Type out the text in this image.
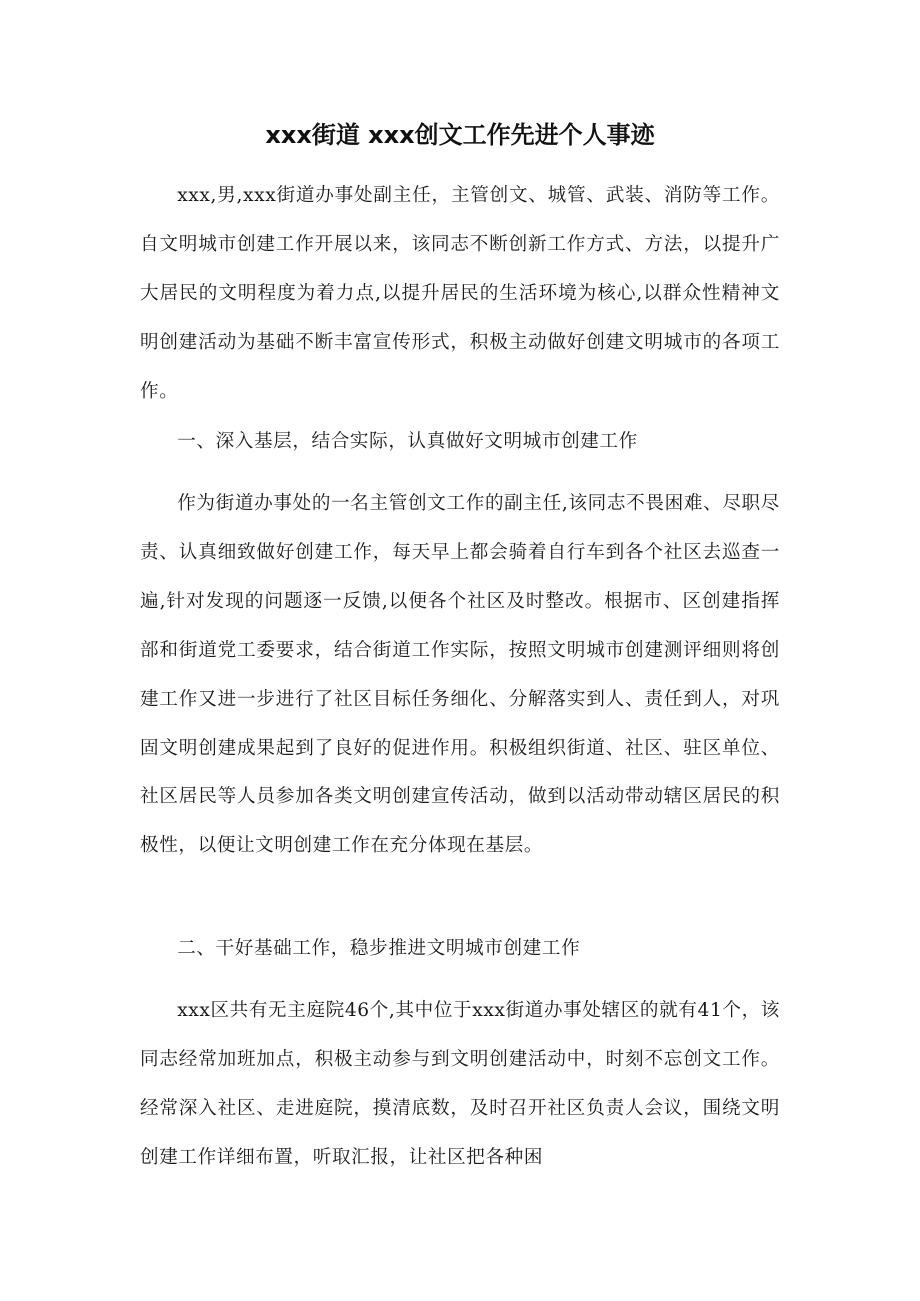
xxx街道 xxx创文工作先进个人事迹

xxx,男,xxx街道办事处副主任，主管创文、城管、武装、消防等工作。自文明城市创建工作开展以来，该同志不断创新工作方式、方法，以提升广大居民的文明程度为着力点,以提升居民的生活环境为核心,以群众性精神文明创建活动为基础不断丰富宣传形式，积极主动做好创建文明城市的各项工作。

一、深入基层，结合实际，认真做好文明城市创建工作

作为街道办事处的一名主管创文工作的副主任,该同志不畏困难、尽职尽责、认真细致做好创建工作，每天早上都会骑着自行车到各个社区去巡查一遍,针对发现的问题逐一反馈,以便各个社区及时整改。根据市、区创建指挥部和街道党工委要求，结合街道工作实际，按照文明城市创建测评细则将创建工作又进一步进行了社区目标任务细化、分解落实到人、责任到人，对巩固文明创建成果起到了良好的促进作用。积极组织街道、社区、驻区单位、社区居民等人员参加各类文明创建宣传活动，做到以活动带动辖区居民的积极性，以便让文明创建工作在充分体现在基层。

二、干好基础工作，稳步推进文明城市创建工作

xxx区共有无主庭院46个,其中位于xxx街道办事处辖区的就有41个，该同志经常加班加点，积极主动参与到文明创建活动中，时刻不忘创文工作。经常深入社区、走进庭院，摸清底数，及时召开社区负责人会议，围绕文明创建工作详细布置，听取汇报，让社区把各种困
